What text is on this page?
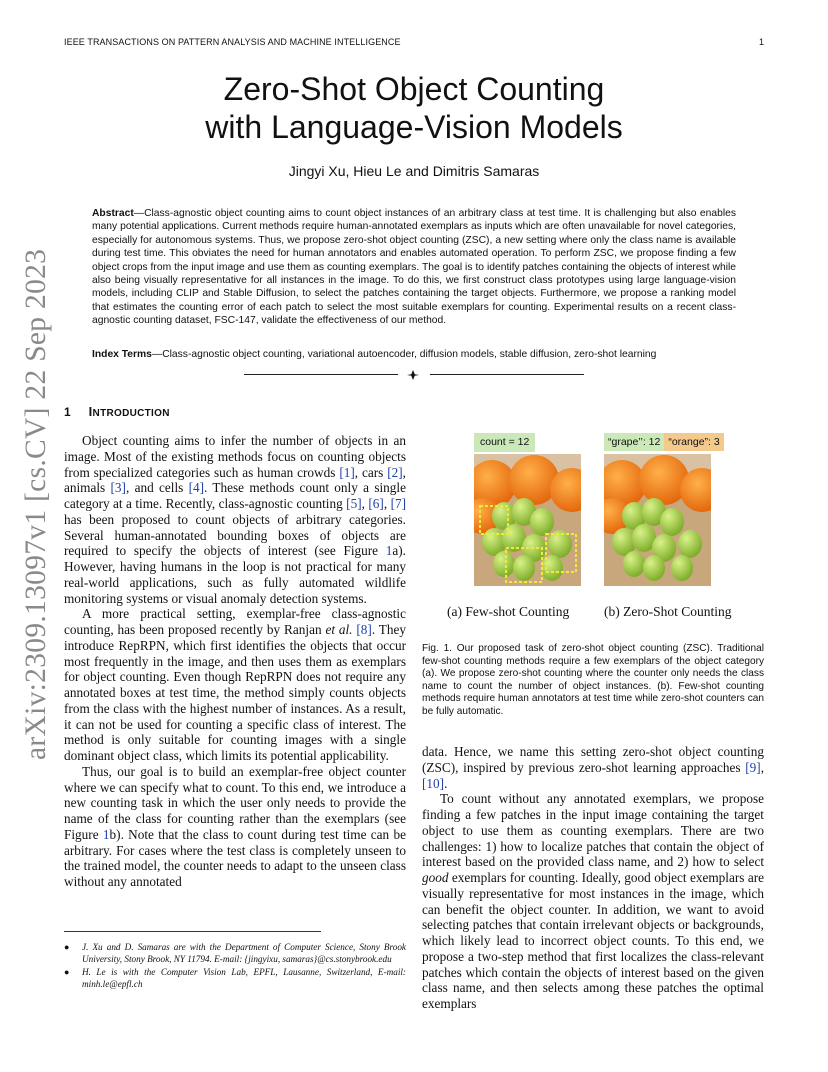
IEEE TRANSACTIONS ON PATTERN ANALYSIS AND MACHINE INTELLIGENCE	1
arXiv:2309.13097v1 [cs.CV] 22 Sep 2023
Zero-Shot Object Counting
with Language-Vision Models
Jingyi Xu, Hieu Le and Dimitris Samaras
Abstract—Class-agnostic object counting aims to count object instances of an arbitrary class at test time. It is challenging but also enables many potential applications. Current methods require human-annotated exemplars as inputs which are often unavailable for novel categories, especially for autonomous systems. Thus, we propose zero-shot object counting (ZSC), a new setting where only the class name is available during test time. This obviates the need for human annotators and enables automated operation. To perform ZSC, we propose finding a few object crops from the input image and use them as counting exemplars. The goal is to identify patches containing the objects of interest while also being visually representative for all instances in the image. To do this, we first construct class prototypes using large language-vision models, including CLIP and Stable Diffusion, to select the patches containing the target objects. Furthermore, we propose a ranking model that estimates the counting error of each patch to select the most suitable exemplars for counting. Experimental results on a recent class-agnostic counting dataset, FSC-147, validate the effectiveness of our method.
Index Terms—Class-agnostic object counting, variational autoencoder, diffusion models, stable diffusion, zero-shot learning
1 INTRODUCTION

Object counting aims to infer the number of objects in an image. Most of the existing methods focus on counting objects from specialized categories such as human crowds [1], cars [2], animals [3], and cells [4]. These methods count only a single category at a time. Recently, class-agnostic counting [5], [6], [7] has been proposed to count objects of arbitrary categories. Several human-annotated bounding boxes of objects are required to specify the objects of interest (see Figure 1a). However, having humans in the loop is not practical for many real-world applications, such as fully automated wildlife monitoring systems or visual anomaly detection systems.

A more practical setting, exemplar-free class-agnostic counting, has been proposed recently by Ranjan et al. [8]. They introduce RepRPN, which first identifies the objects that occur most frequently in the image, and then uses them as exemplars for object counting. Even though RepRPN does not require any annotated boxes at test time, the method simply counts objects from the class with the highest number of instances. As a result, it can not be used for counting a specific class of interest. The method is only suitable for counting images with a single dominant object class, which limits its potential applicability.

Thus, our goal is to build an exemplar-free object counter where we can specify what to count. To this end, we introduce a new counting task in which the user only needs to provide the name of the class for counting rather than the exemplars (see Figure 1b). Note that the class to count during test time can be arbitrary. For cases where the test class is completely unseen to the trained model, the counter needs to adapt to the unseen class without any annotated

● J. Xu and D. Samaras are with the Department of Computer Science, Stony Brook University, Stony Brook, NY 11794. E-mail: {jingyixu, samaras}@cs.stonybrook.edu
● H. Le is with the Computer Vision Lab, EPFL, Lausanne, Switzerland, E-mail: minh.le@epfl.ch
count = 12	“grape’’: 12 “orange”: 3
(a) Few-shot Counting	(b) Zero-Shot Counting
Fig. 1. Our proposed task of zero-shot object counting (ZSC). Traditional few-shot counting methods require a few exemplars of the object category (a). We propose zero-shot counting where the counter only needs the class name to count the number of object instances. (b). Few-shot counting methods require human annotators at test time while zero-shot counters can be fully automatic.

data. Hence, we name this setting zero-shot object counting (ZSC), inspired by previous zero-shot learning approaches [9], [10].

To count without any annotated exemplars, we propose finding a few patches in the input image containing the target object to use them as counting exemplars. There are two challenges: 1) how to localize patches that contain the object of interest based on the provided class name, and 2) how to select good exemplars for counting. Ideally, good object exemplars are visually representative for most instances in the image, which can benefit the object counter. In addition, we want to avoid selecting patches that contain irrelevant objects or backgrounds, which likely lead to incorrect object counts. To this end, we propose a two-step method that first localizes the class-relevant patches which contain the objects of interest based on the given class name, and then selects among these patches the optimal exemplars
